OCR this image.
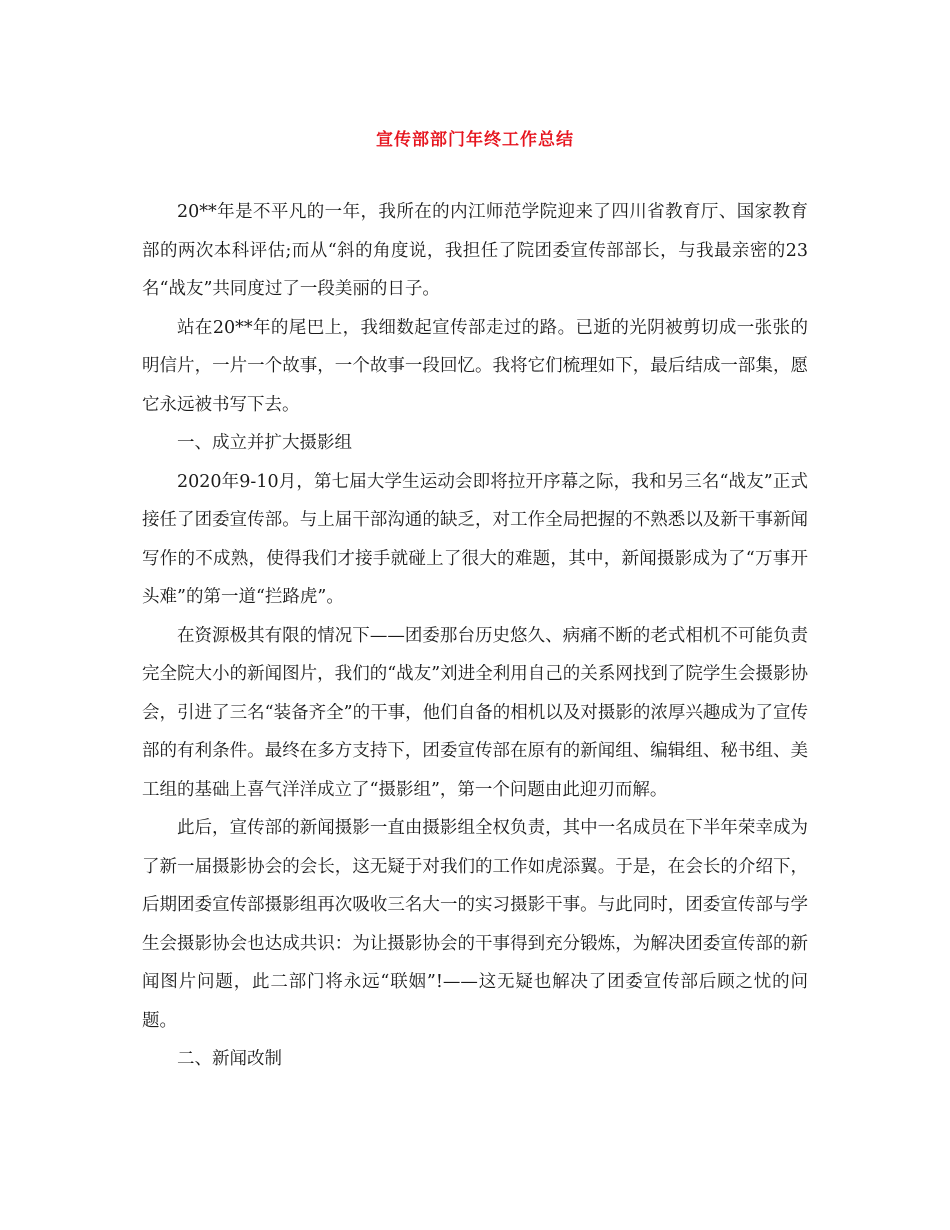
宣传部部门年终工作总结

20**年是不平凡的一年，我所在的内江师范学院迎来了四川省教育厅、国家教育部的两次本科评估;而从“斜的角度说，我担任了院团委宣传部部长，与我最亲密的23名“战友”共同度过了一段美丽的日子。

站在20**年的尾巴上，我细数起宣传部走过的路。已逝的光阴被剪切成一张张的明信片，一片一个故事，一个故事一段回忆。我将它们梳理如下，最后结成一部集，愿它永远被书写下去。

一、成立并扩大摄影组

2020年9-10月，第七届大学生运动会即将拉开序幕之际，我和另三名“战友”正式接任了团委宣传部。与上届干部沟通的缺乏，对工作全局把握的不熟悉以及新干事新闻写作的不成熟，使得我们才接手就碰上了很大的难题，其中，新闻摄影成为了“万事开头难”的第一道“拦路虎”。

在资源极其有限的情况下——团委那台历史悠久、病痛不断的老式相机不可能负责完全院大小的新闻图片，我们的“战友”刘进全利用自己的关系网找到了院学生会摄影协会，引进了三名“装备齐全”的干事，他们自备的相机以及对摄影的浓厚兴趣成为了宣传部的有利条件。最终在多方支持下，团委宣传部在原有的新闻组、编辑组、秘书组、美工组的基础上喜气洋洋成立了“摄影组”，第一个问题由此迎刃而解。

此后，宣传部的新闻摄影一直由摄影组全权负责，其中一名成员在下半年荣幸成为了新一届摄影协会的会长，这无疑于对我们的工作如虎添翼。于是，在会长的介绍下，后期团委宣传部摄影组再次吸收三名大一的实习摄影干事。与此同时，团委宣传部与学生会摄影协会也达成共识：为让摄影协会的干事得到充分锻炼，为解决团委宣传部的新闻图片问题，此二部门将永远“联姻”!——这无疑也解决了团委宣传部后顾之忧的问题。

二、新闻改制
